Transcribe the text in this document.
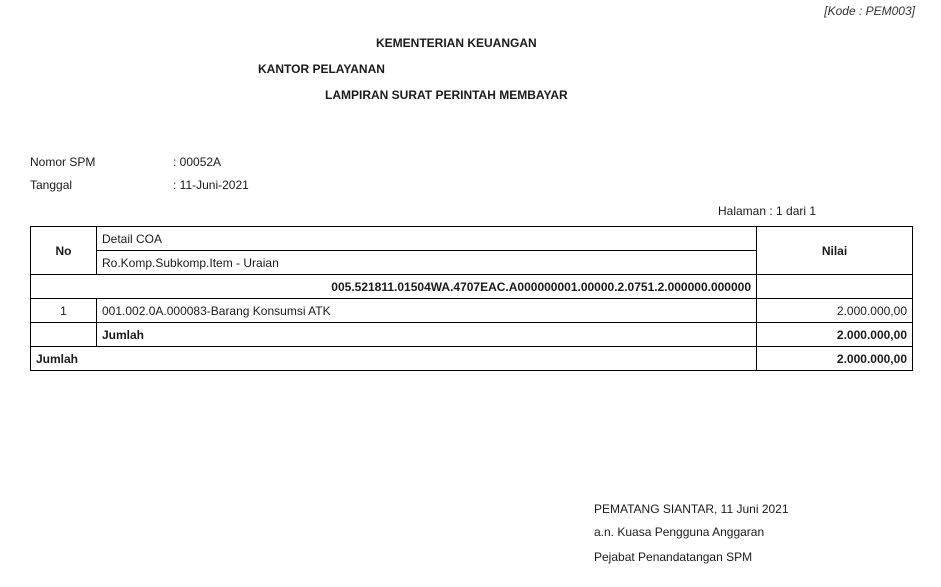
[Kode : PEM003]
KEMENTERIAN KEUANGAN
KANTOR PELAYANAN
LAMPIRAN SURAT PERINTAH MEMBAYAR
Nomor SPM	: 00052A
Tanggal	: 11-Juni-2021
Halaman : 1 dari 1
No	Detail COA	Nilai
	Ro.Komp.Subkomp.Item - Uraian	
005.521811.01504WA.4707EAC.A000000001.00000.2.0751.2.000000.000000		
1	001.002.0A.000083-Barang Konsumsi ATK	2.000.000,00
	Jumlah	2.000.000,00
Jumlah		2.000.000,00
PEMATANG SIANTAR, 11 Juni 2021
a.n. Kuasa Pengguna Anggaran
Pejabat Penandatangan SPM
